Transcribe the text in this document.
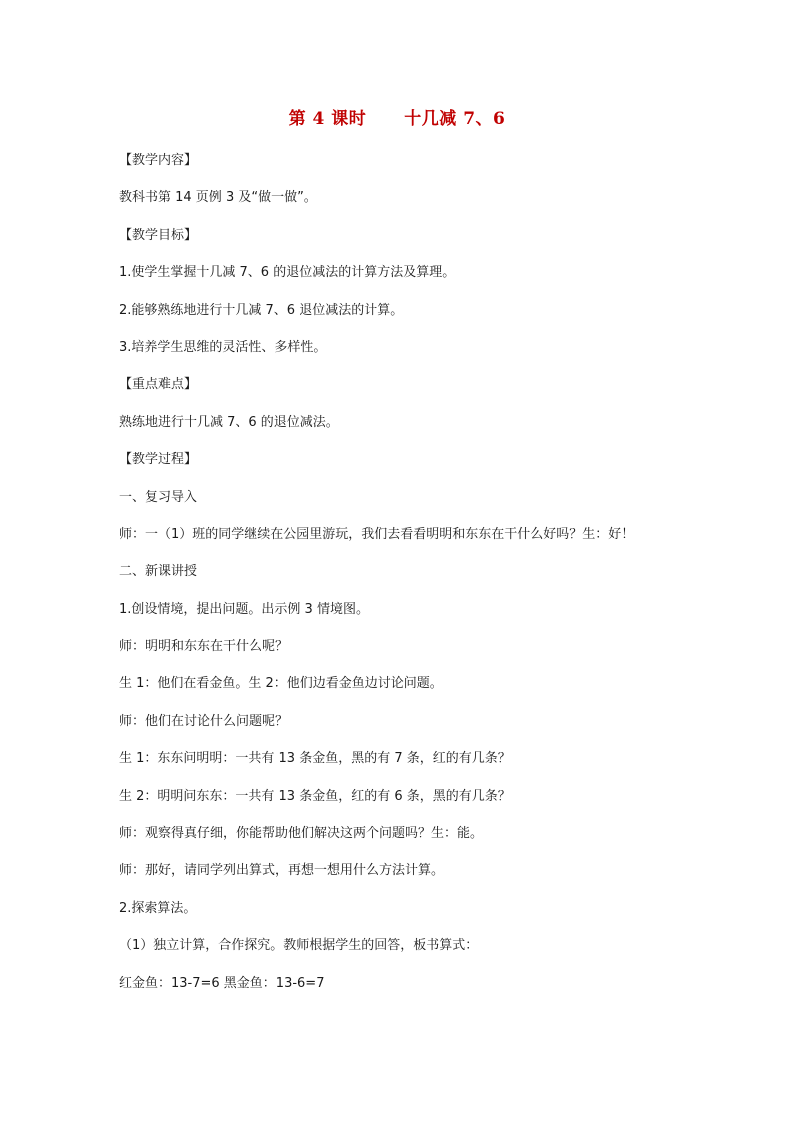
第 4 课时 十几减 7、6
【教学内容】
教科书第 14 页例 3 及“做一做”。
【教学目标】
1.使学生掌握十几减 7、6 的退位减法的计算方法及算理。
2.能够熟练地进行十几减 7、6 退位减法的计算。
3.培养学生思维的灵活性、多样性。
【重点难点】
熟练地进行十几减 7、6 的退位减法。
【教学过程】
一、复习导入
师：一（1）班的同学继续在公园里游玩，我们去看看明明和东东在干什么好吗？生：好！
二、新课讲授
1.创设情境，提出问题。出示例 3 情境图。
师：明明和东东在干什么呢？
生 1：他们在看金鱼。生 2：他们边看金鱼边讨论问题。
师：他们在讨论什么问题呢？
生 1：东东问明明：一共有 13 条金鱼，黑的有 7 条，红的有几条？
生 2：明明问东东：一共有 13 条金鱼，红的有 6 条，黑的有几条？
师：观察得真仔细，你能帮助他们解决这两个问题吗？生：能。
师：那好，请同学列出算式，再想一想用什么方法计算。
2.探索算法。
（1）独立计算，合作探究。教师根据学生的回答，板书算式：
红金鱼：13-7=6 黑金鱼：13-6=7
